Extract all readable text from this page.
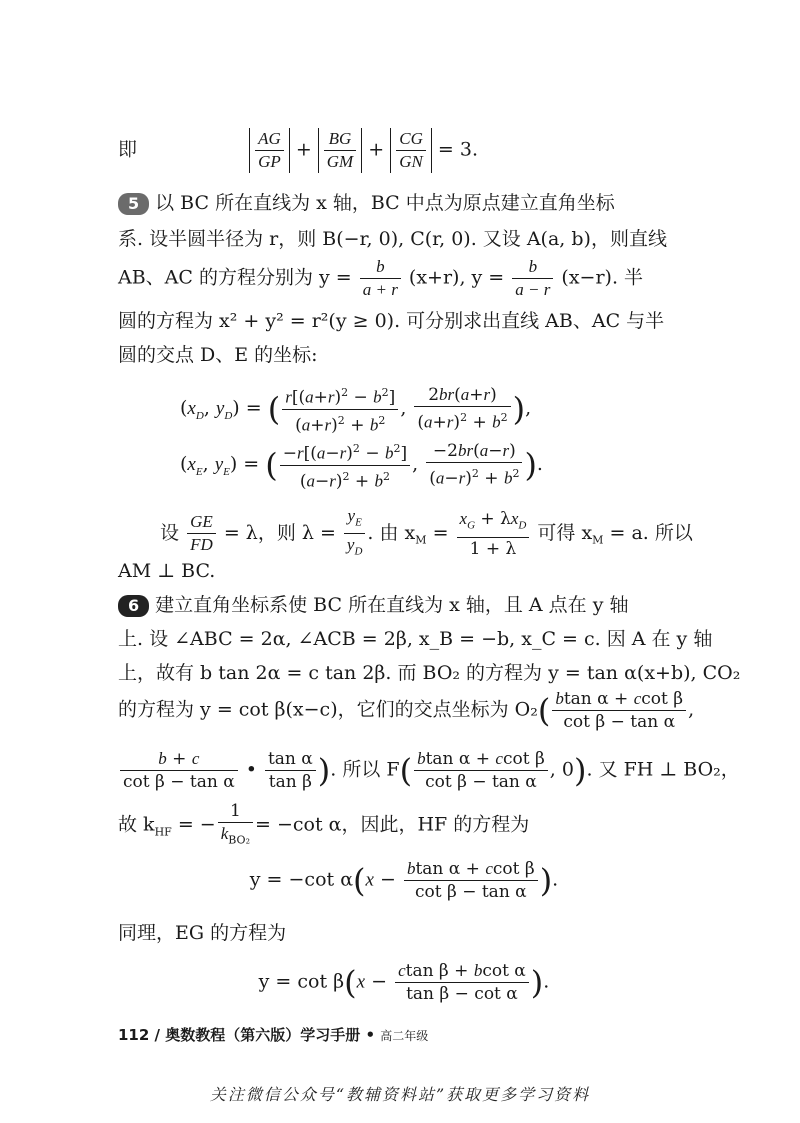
即	$\frac{AG}{GP} + \frac{BG}{GM} + \frac{CG}{GN} = 3$.
5 以 BC 所在直线为 x 轴，BC 中点为原点建立直角坐标
系. 设半圆半径为 r，则 B(−r, 0), C(r, 0). 又设 A(a, b)，则直线
AB、AC 的方程分别为 $y = \frac{b}{a + r} (x+r)$, $y = \frac{b}{a - r} (x-r)$. 半
圆的方程为 x² + y² = r²(y ≥ 0). 可分别求出直线 AB、AC 与半
圆的交点 D、E 的坐标:
($x_D$, $y_D$) = ( $\frac{r[(a+r)^2 - b^2]}{(a+r)^2 + b^2}$ , $\frac{2br(a+r)}{(a+r)^2 + b^2}$ ),
($x_E$, $y_E$) = ( $\frac{-r[(a-r)^2 - b^2]}{(a-r)^2 + b^2}$ , $\frac{-2br(a-r)}{(a-r)^2 + b^2}$ ).
设 $\frac{GE}{FD} = \lambda$，则 $\lambda = \frac{y_E}{y_D}$ . 由 $x_M = \frac{x_G + \lambda x_D}{1 + \lambda}$ 可得 $x_M = a$. 所以
AM ⊥ BC.
6 建立直角坐标系使 BC 所在直线为 x 轴，且 A 点在 y 轴
上. 设 ∠ABC = 2α, ∠ACB = 2β, x_B = −b, x_C = c. 因 A 在 y 轴
上，故有 b tan 2α = c tan 2β. 而 BO₂ 的方程为 y = tan α(x+b), CO₂
的方程为 y = cot β(x−c)，它们的交点坐标为 $O_2( \frac{\text{btan α + ccot β}}{\text{cot β − tan α}}$ ,
$\frac{b + c}{\text{cot β − tan α}}$ • $\frac{\text{tan α}}{\text{tan β}}$ ). 所以 $F( \frac{\text{btan α + ccot β}}{\text{cot β − tan α}}$ , 0). 又 FH ⊥ BO₂，
故 $k_{HF}$ = − $\frac{1}{k_{BO_2}} = -\cot$ α，因此，HF 的方程为
y = −cot $\alpha(x - \frac{\text{btan α + ccot β}}{\text{cot β − tan α}}$ ).
同理，EG 的方程为
$y = \cot \beta(x - \frac{\text{ctan β + bcot α}}{\text{tan β − cot α}}$ ).
112 / 奥数教程（第六版）学习手册 • 高二年级
关注微信公众号“教辅资料站”获取更多学习资料
